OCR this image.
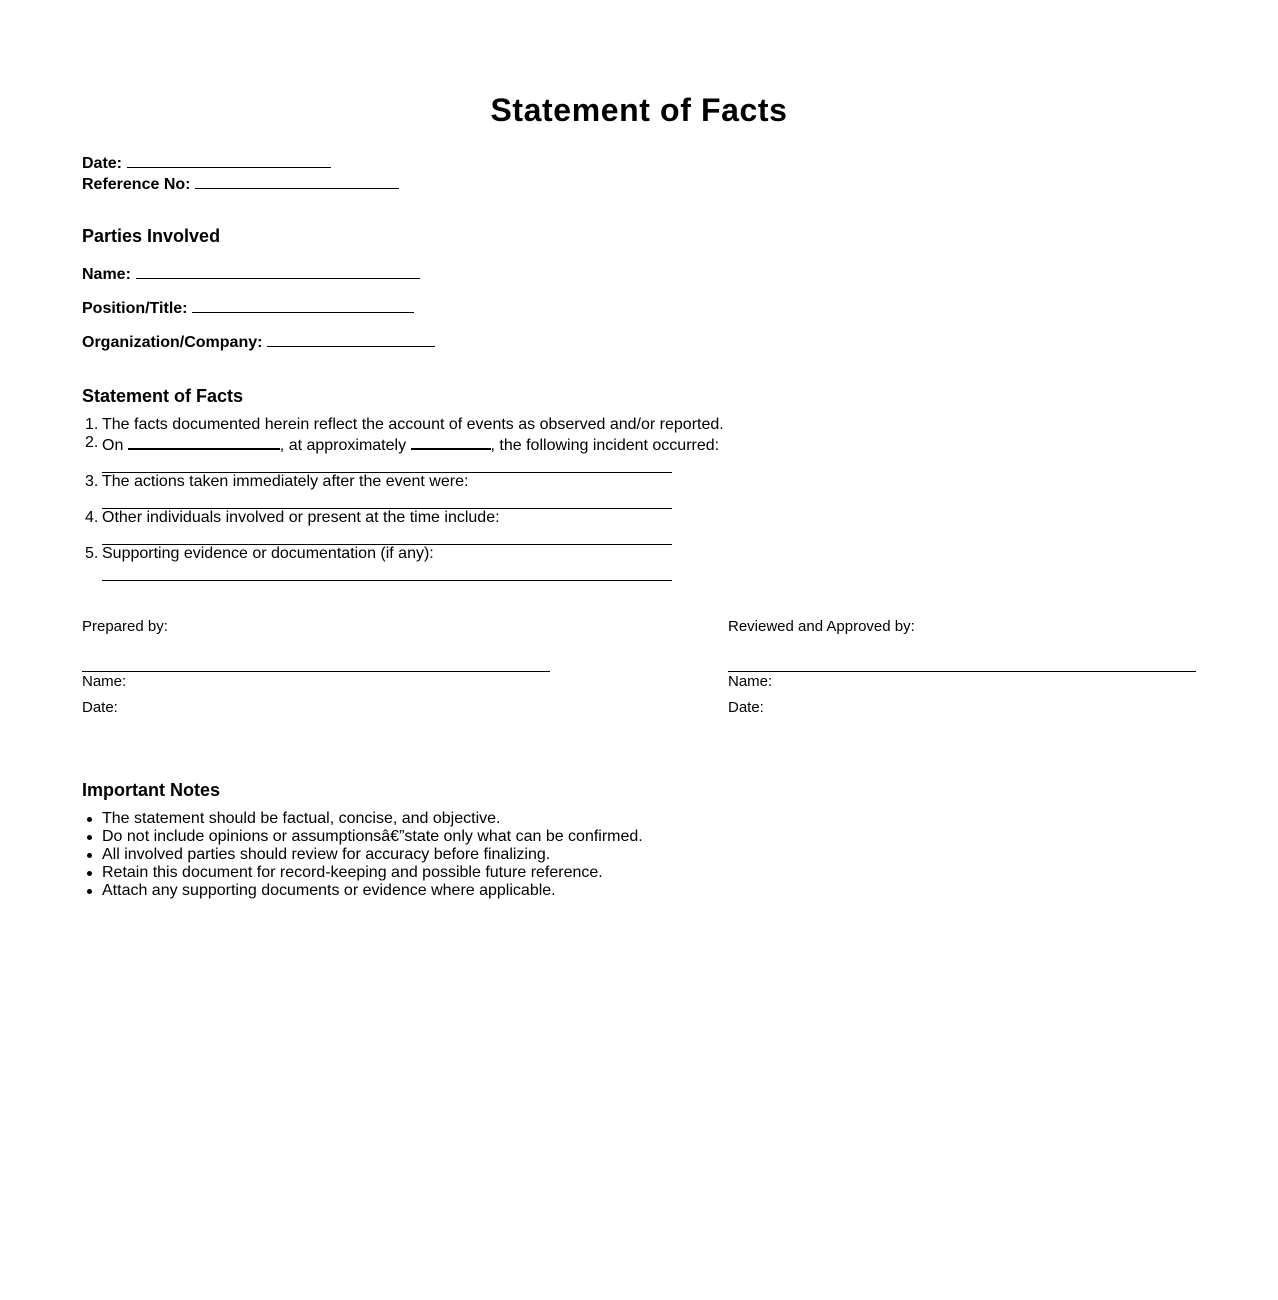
Statement of Facts
Date:
Reference No:
Parties Involved
Name:
Position/Title:
Organization/Company:
Statement of Facts
1. The facts documented herein reflect the account of events as observed and/or reported.
2. On	, at approximately	, the following incident occurred:
3. The actions taken immediately after the event were:
4. Other individuals involved or present at the time include:
5. Supporting evidence or documentation (if any):
Prepared by:
Name:
Date:
Reviewed and Approved by:
Name:
Date:
Important Notes
The statement should be factual, concise, and objective.
Do not include opinions or assumptionsâ€”state only what can be confirmed.
All involved parties should review for accuracy before finalizing.
Retain this document for record-keeping and possible future reference.
Attach any supporting documents or evidence where applicable.
